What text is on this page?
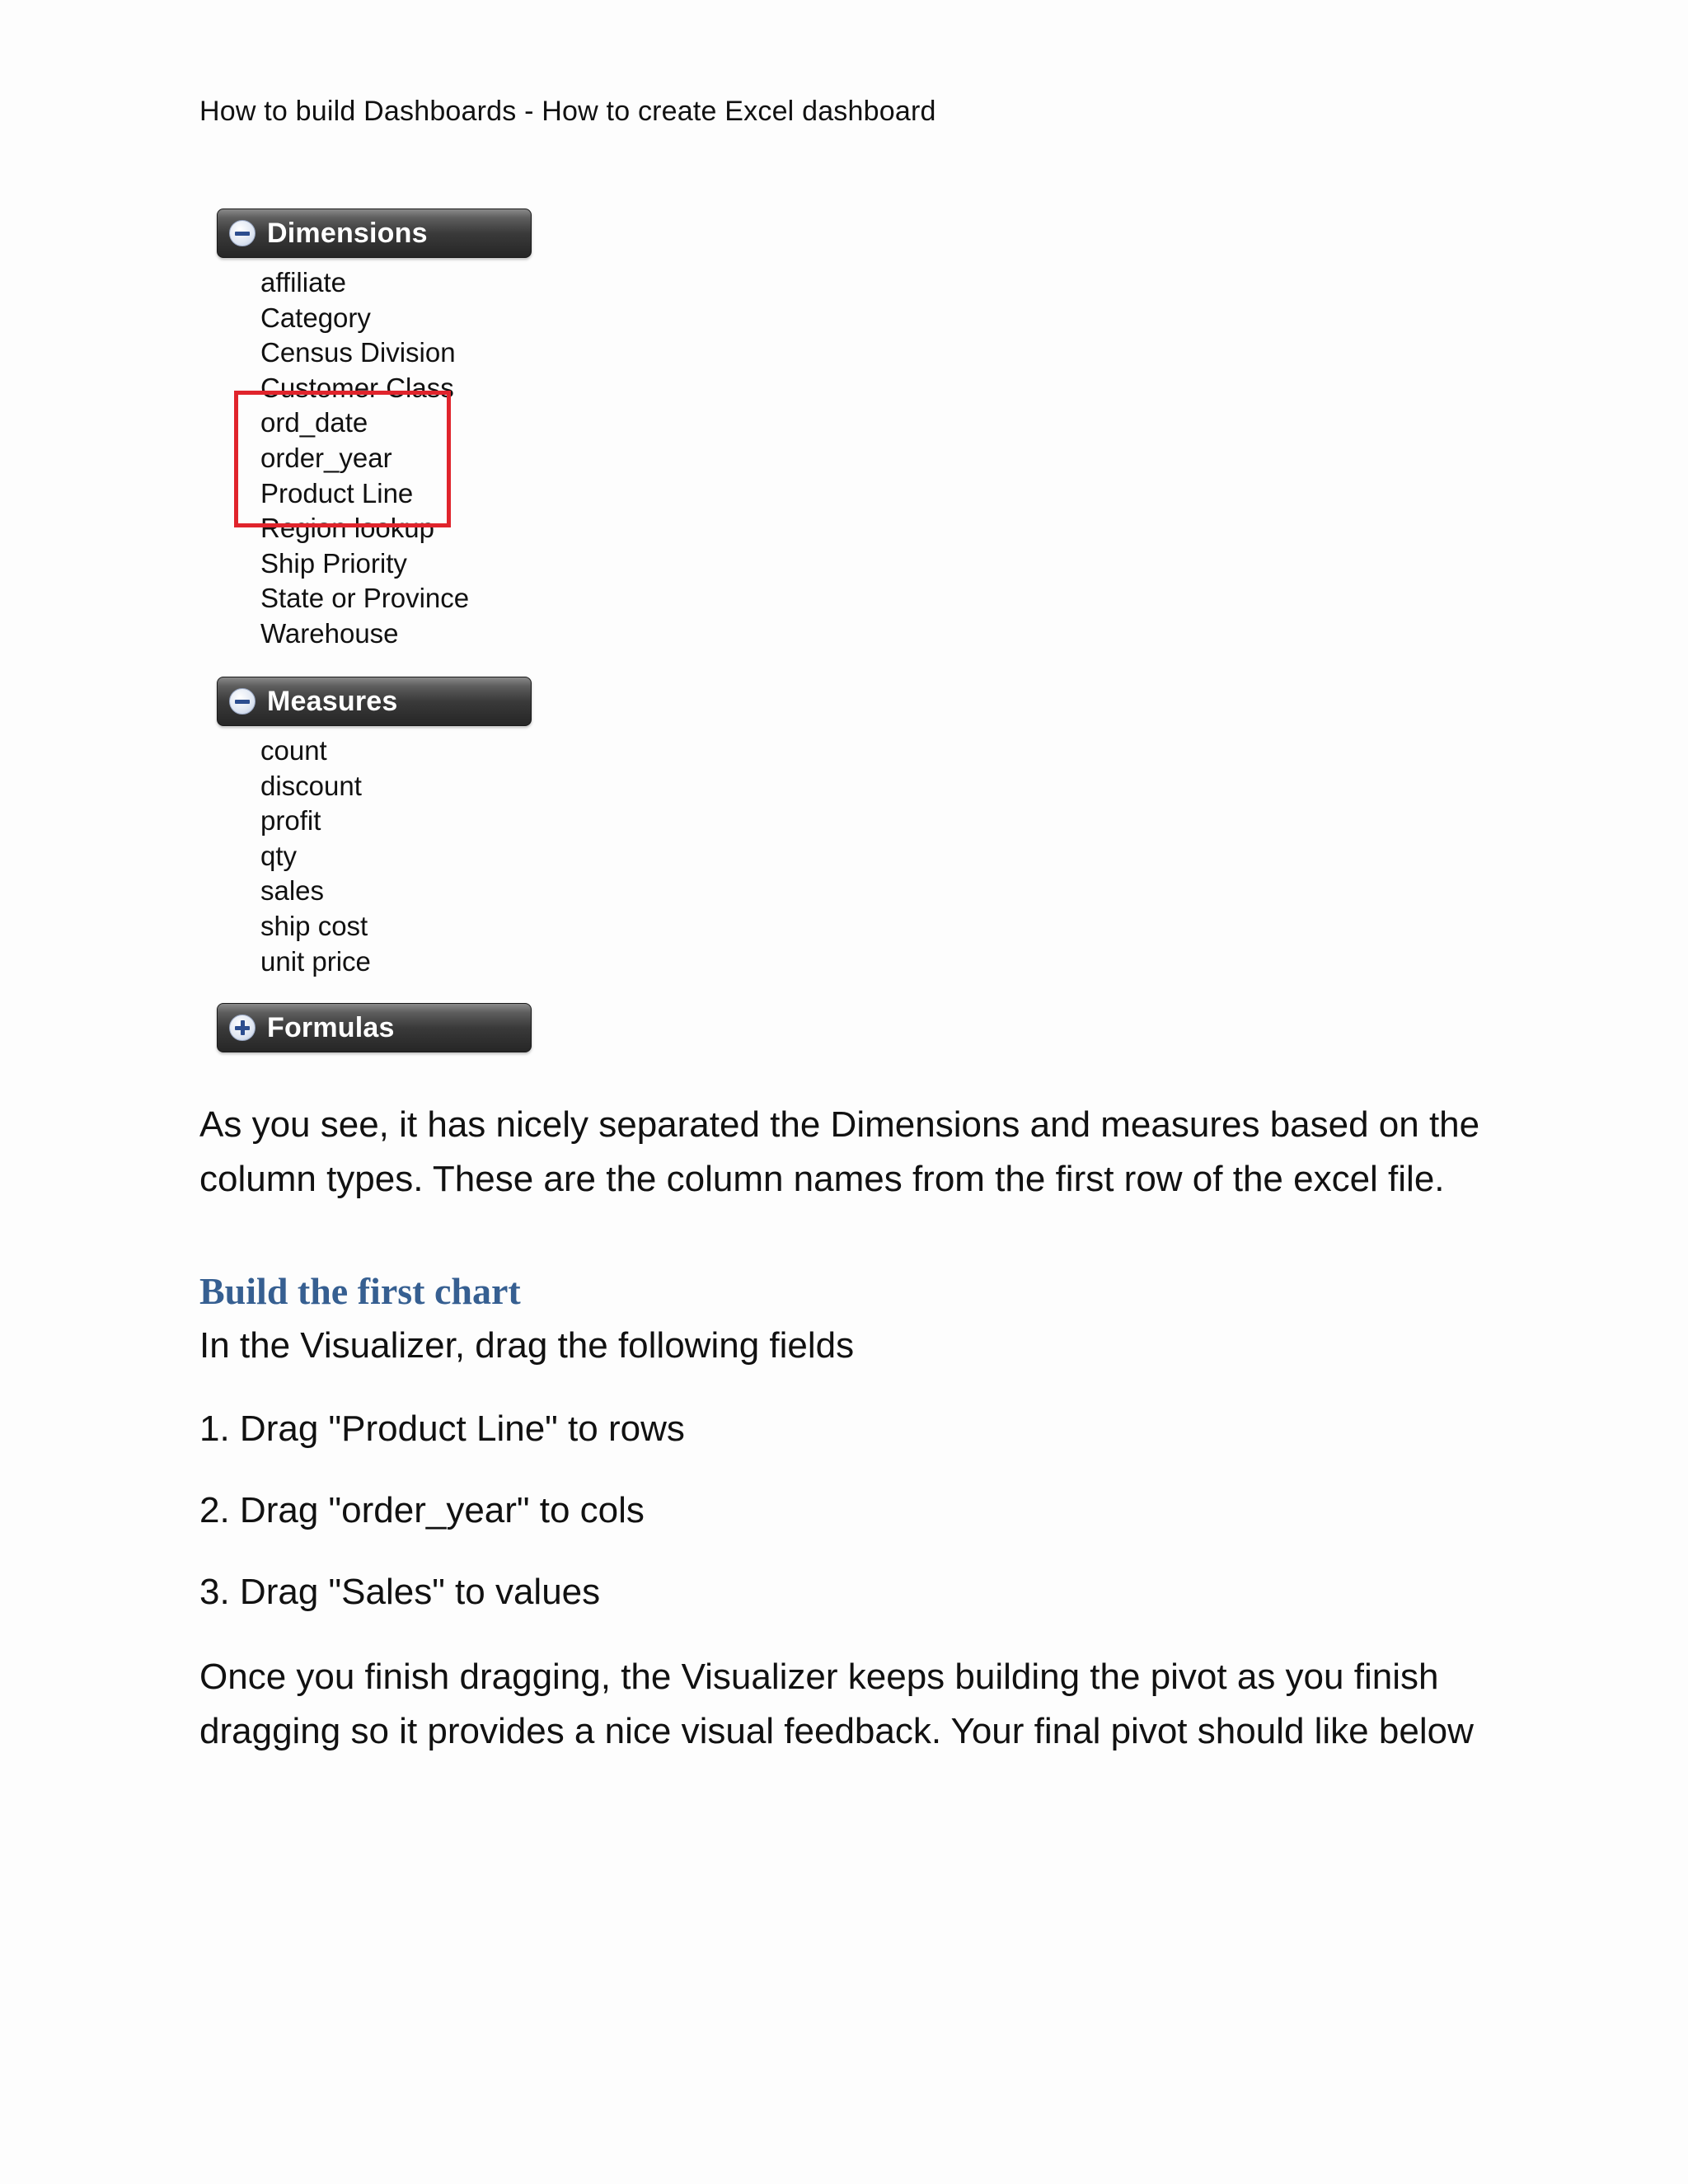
How to build Dashboards - How to create Excel dashboard
Dimensions
affiliate
Category
Census Division
Customer Class
ord_date
order_year
Product Line
Region lookup
Ship Priority
State or Province
Warehouse
Measures
count
discount
profit
qty
sales
ship cost
unit price
Formulas

As you see, it has nicely separated the Dimensions and measures based on the
column types. These are the column names from the first row of the excel file.

Build the first chart

In the Visualizer, drag the following fields

1. Drag "Product Line" to rows

2. Drag "order_year" to cols

3. Drag "Sales" to values

Once you finish dragging, the Visualizer keeps building the pivot as you finish
dragging so it provides a nice visual feedback. Your final pivot should like below
